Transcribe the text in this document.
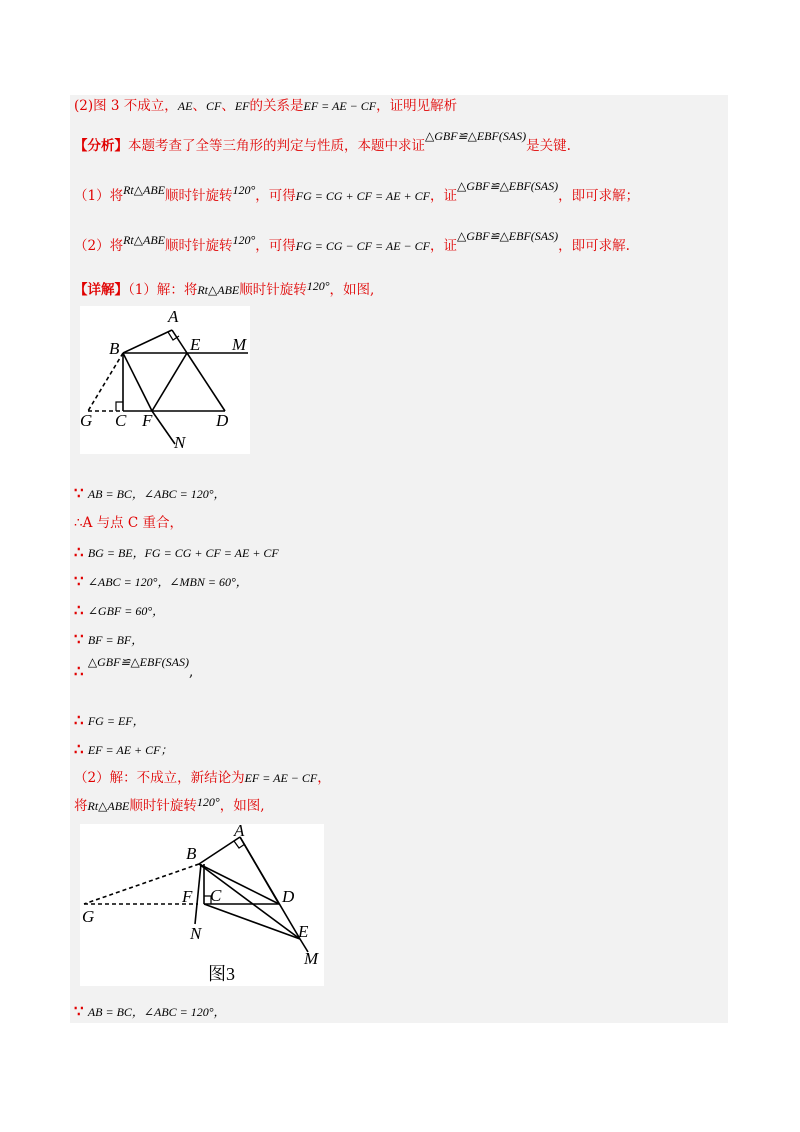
(2)图 3 不成立，AE、CF、EF的关系是EF = AE − CF，证明见解析
【分析】本题考查了全等三角形的判定与性质，本题中求证△GBF≌△EBF(SAS)是关键.
（1）将Rt△ABE顺时针旋转120°，可得FG = CG + CF = AE + CF，证△GBF≌△EBF(SAS)，即可求解；
（2）将Rt△ABE顺时针旋转120°，可得FG = CG − CF = AE − CF，证△GBF≌△EBF(SAS)，即可求解.
【详解】（1）解：将Rt△ABE顺时针旋转120°，如图,
A
B	E M
G C F	D
N
∵ AB = BC，∠ABC = 120°，
∴A 与点 C 重合，
∴ BG = BE，FG = CG + CF = AE + CF
∵ ∠ABC = 120°，∠MBN = 60°，
∴ ∠GBF = 60°，
∵ BF = BF，
∴ △GBF≌△EBF(SAS),
∴ FG = EF，
∴ EF = AE + CF；
（2）解：不成立，新结论为EF = AE − CF，
将Rt△ABE顺时针旋转120°，如图,
A
B
F C	D
G
N	E
M
图3
∵ AB = BC，∠ABC = 120°，
